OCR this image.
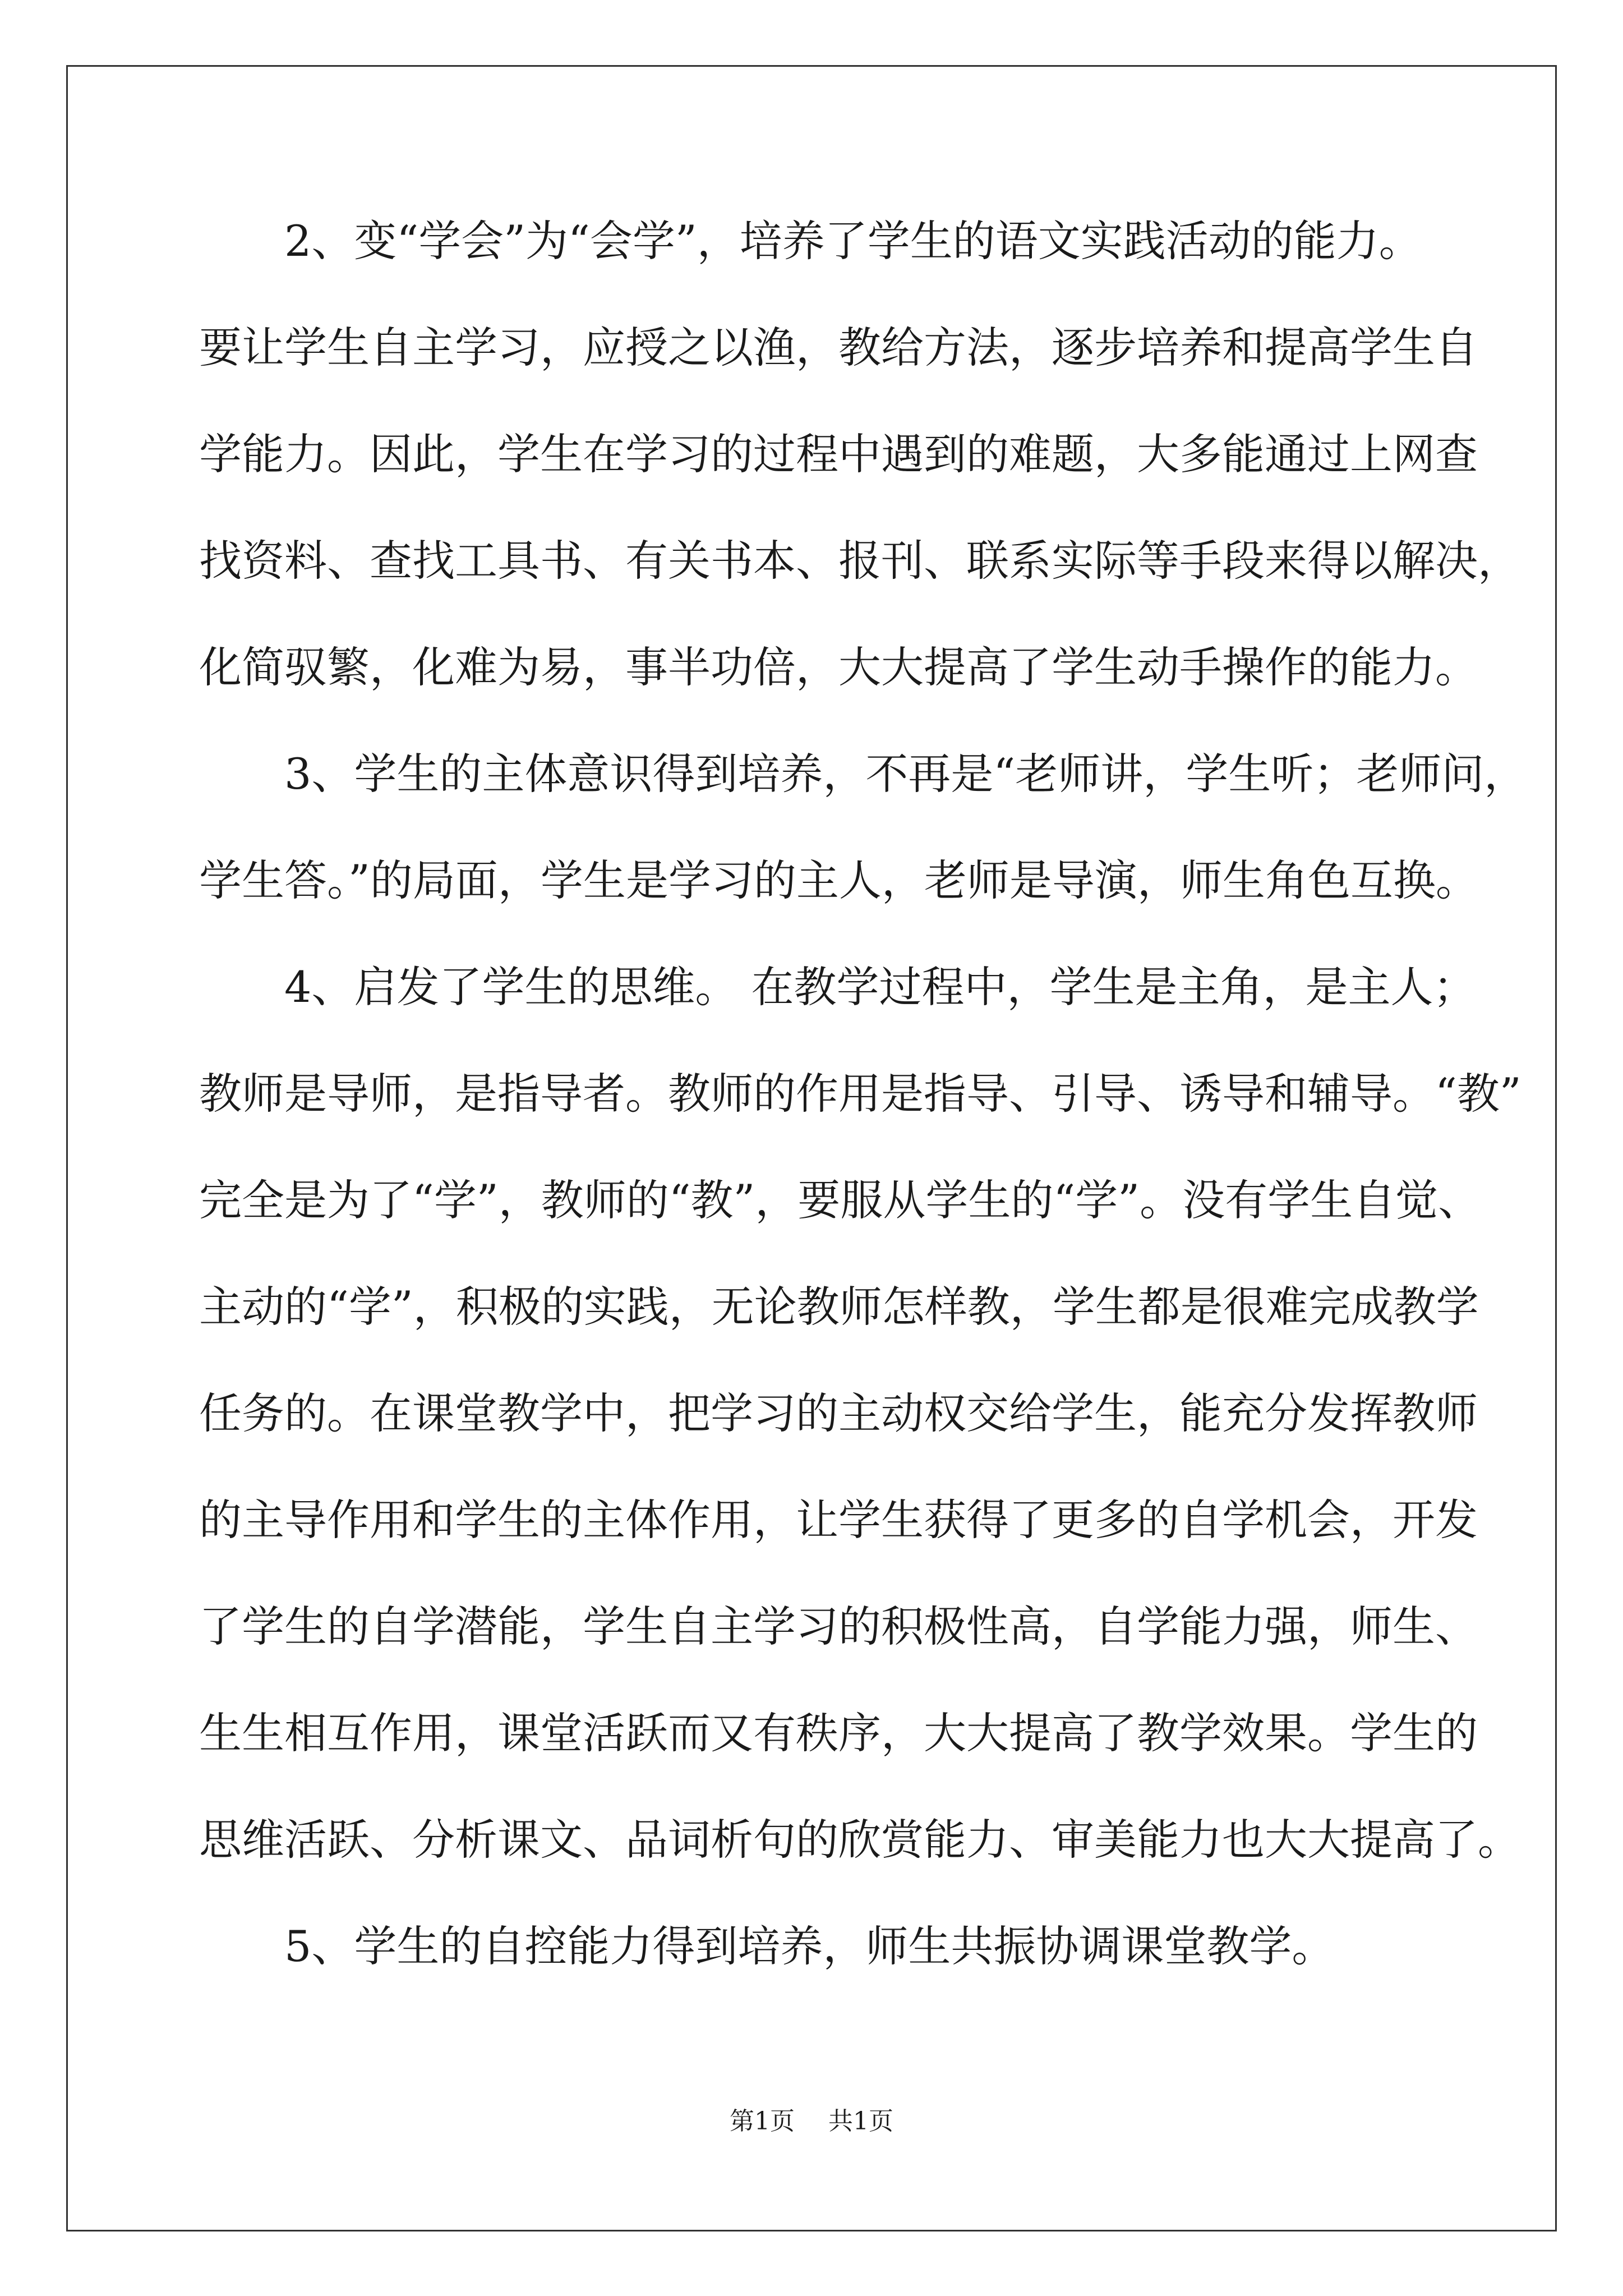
2、变“学会”为“会学”，培养了学生的语文实践活动的能力。
要让学生自主学习，应授之以渔，教给方法，逐步培养和提高学生自
学能力。因此，学生在学习的过程中遇到的难题，大多能通过上网查
找资料、查找工具书、有关书本、报刊、联系实际等手段来得以解决，
化简驭繁，化难为易，事半功倍，大大提高了学生动手操作的能力。

3、学生的主体意识得到培养，不再是“老师讲，学生听；老师问，
学生答。”的局面，学生是学习的主人，老师是导演，师生角色互换。

4、启发了学生的思维。 在教学过程中，学生是主角，是主人；
教师是导师，是指导者。教师的作用是指导、引导、诱导和辅导。“教”
完全是为了“学”，教师的“教”，要服从学生的“学”。没有学生自觉、
主动的“学”，积极的实践，无论教师怎样教，学生都是很难完成教学
任务的。在课堂教学中，把学习的主动权交给学生，能充分发挥教师
的主导作用和学生的主体作用，让学生获得了更多的自学机会，开发
了学生的自学潜能，学生自主学习的积极性高，自学能力强，师生、
生生相互作用，课堂活跃而又有秩序，大大提高了教学效果。学生的
思维活跃、分析课文、品词析句的欣赏能力、审美能力也大大提高了。

5、学生的自控能力得到培养，师生共振协调课堂教学。

第1页 共1页
